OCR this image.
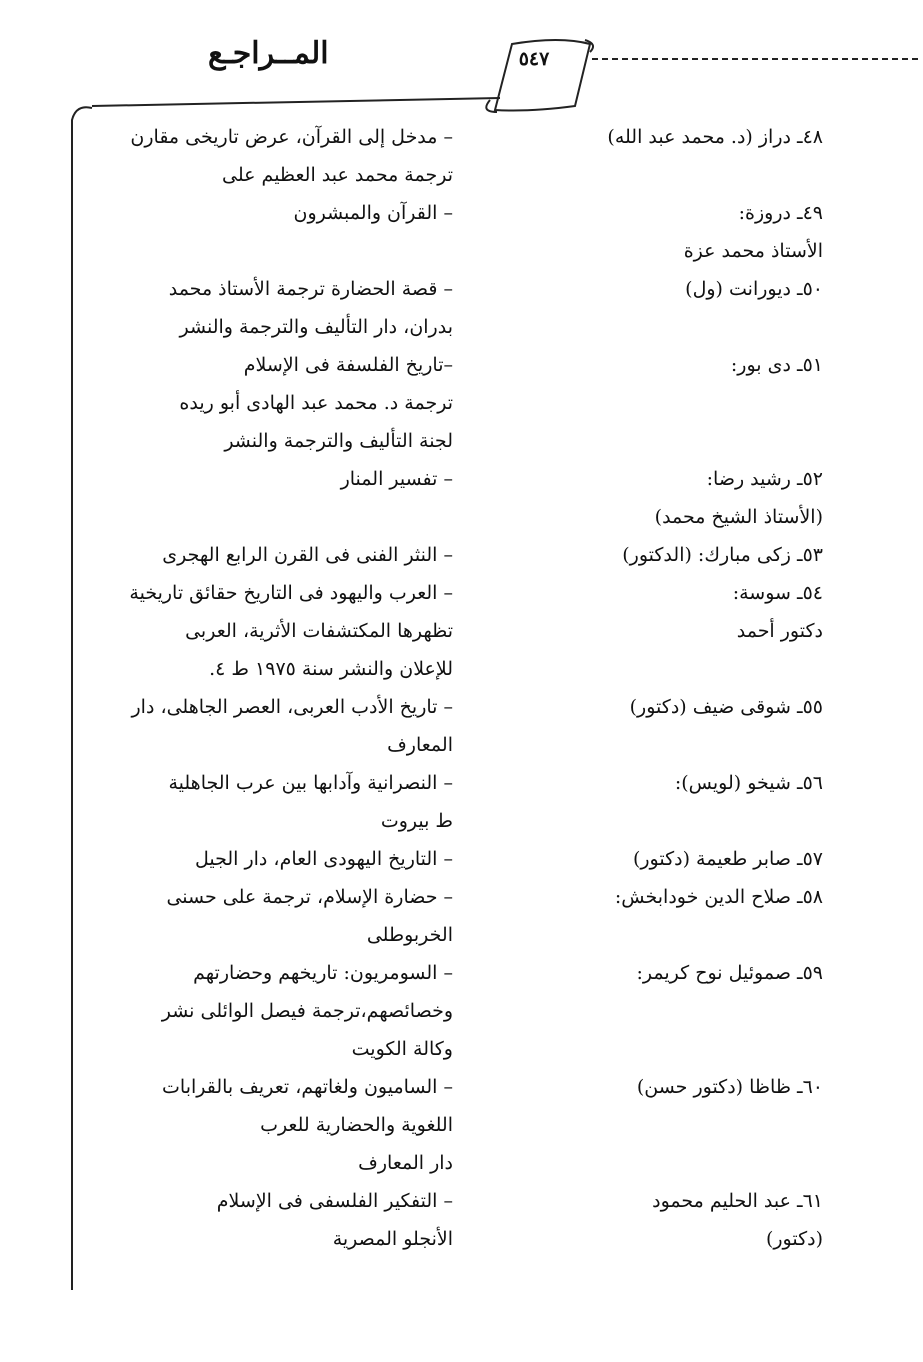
المــراجـع	٥٤٧
٤٨ـ دراز (د. محمد عبد الله)
– مدخل إلى القرآن، عرض تاريخى مقارن
ترجمة محمد عبد العظيم على
– القرآن والمبشرون	٤٩ـ دروزة:
الأستاذ محمد عزة
٥٠ـ ديورانت (ول)
– قصة الحضارة ترجمة الأستاذ محمد
بدران، دار التأليف والترجمة والنشر
٥١ـ دى بور:
–تاريخ الفلسفة فى الإسلام
ترجمة د. محمد عبد الهادى أبو ريده
لجنة التأليف والترجمة والنشر
٥٢ـ رشيد رضا:
(الأستاذ الشيخ محمد)
– تفسير المنار
٥٣ـ زكى مبارك: (الدكتور)
– النثر الفنى فى القرن الرابع الهجرى
٥٤ـ سوسة:
دكتور أحمد
– العرب واليهود فى التاريخ حقائق تاريخية
تظهرها المكتشفات الأثرية، العربى
للإعلان والنشر سنة ١٩٧٥ ط ٤.
٥٥ـ شوقى ضيف (دكتور)
– تاريخ الأدب العربى، العصر الجاهلى، دار
المعارف
٥٦ـ شيخو (لويس):
– النصرانية وآدابها بين عرب الجاهلية
ط بيروت
٥٧ـ صابر طعيمة (دكتور)
– التاريخ اليهودى العام، دار الجيل
٥٨ـ صلاح الدين خودابخش:
– حضارة الإسلام، ترجمة على حسنى
الخربوطلى
٥٩ـ صموئيل نوح كريمر:
– السومريون: تاريخهم وحضارتهم
وخصائصهم،ترجمة فيصل الوائلى نشر
وكالة الكويت
٦٠ـ ظاظا (دكتور حسن)
– الساميون ولغاتهم، تعريف بالقرابات
اللغوية والحضارية للعرب
دار المعارف
٦١ـ عبد الحليم محمود
(دكتور)
– التفكير الفلسفى فى الإسلام
الأنجلو المصرية
